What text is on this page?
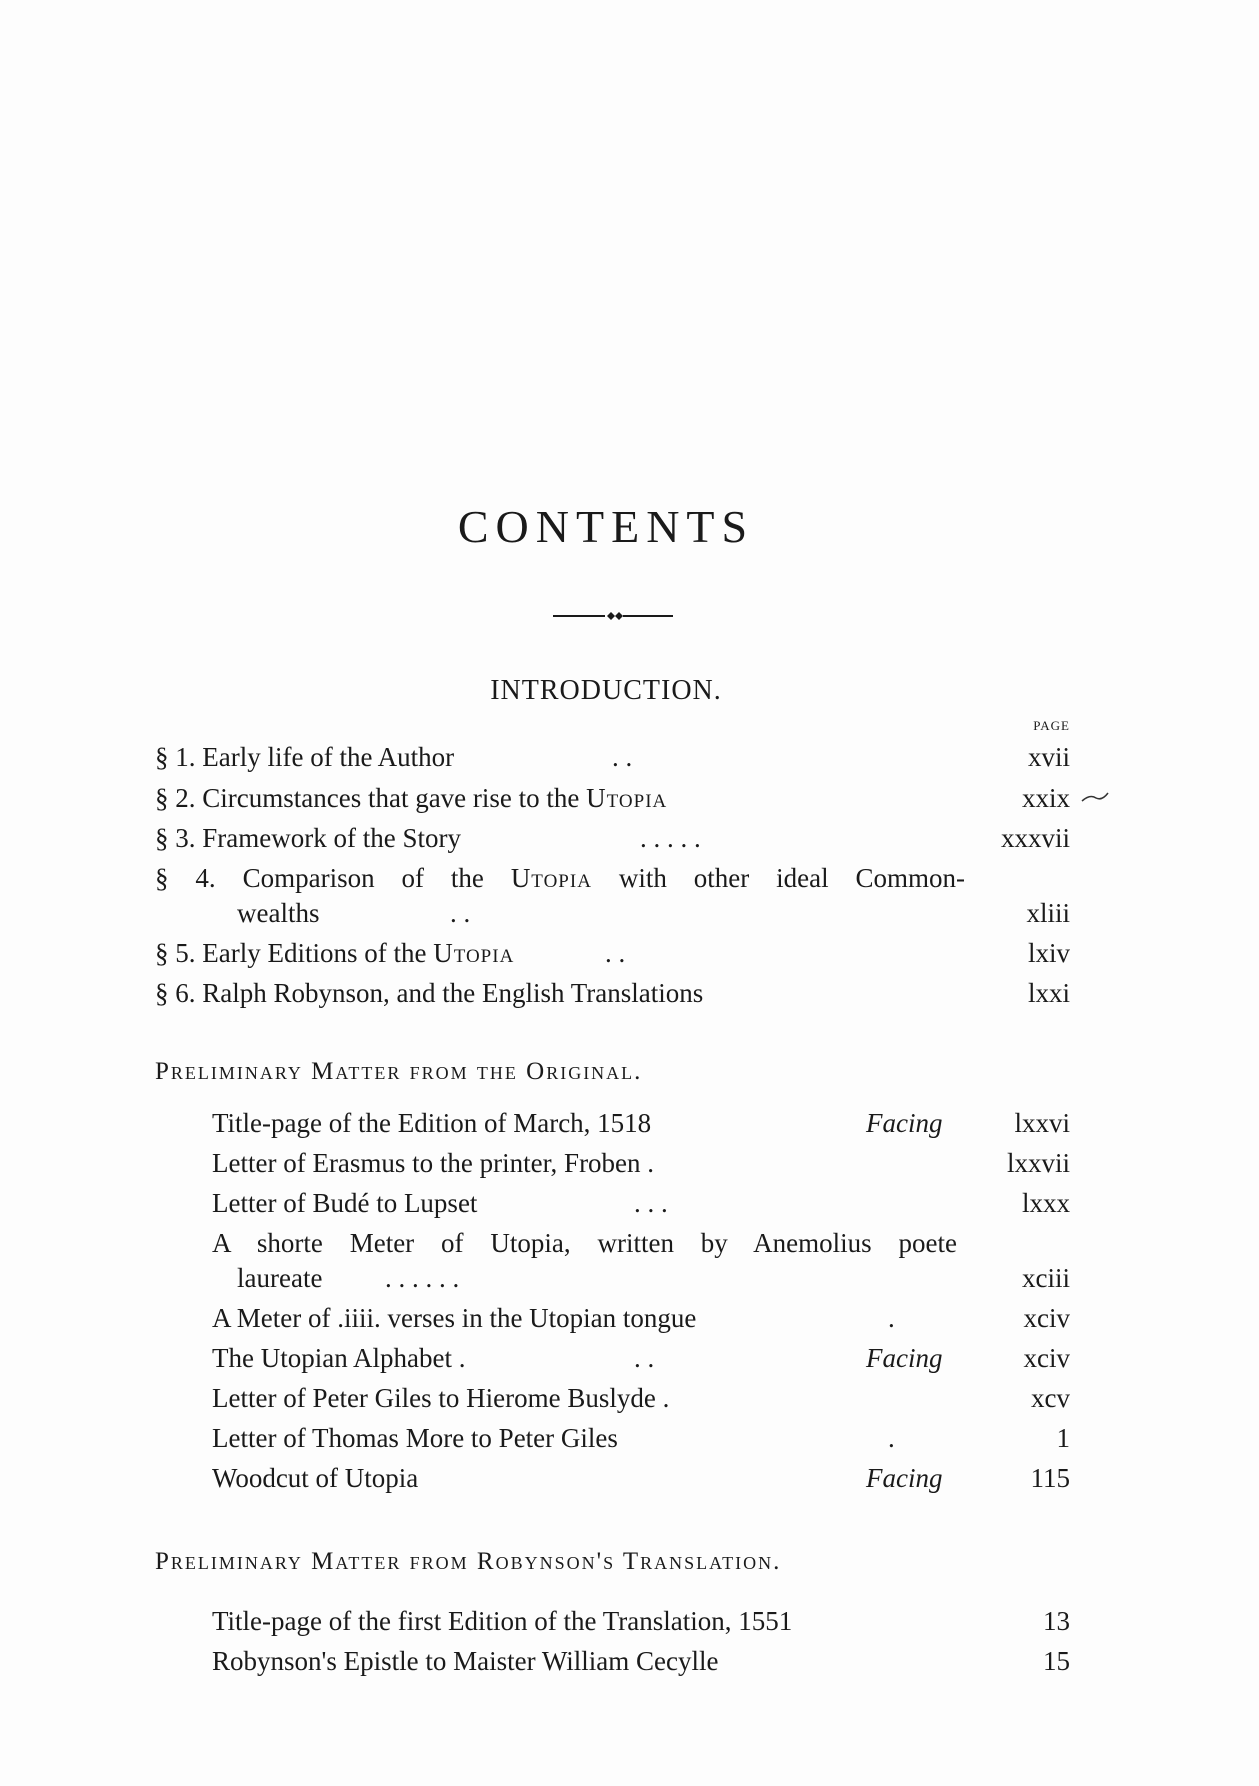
CONTENTS
INTRODUCTION.
PAGE
§ 1. Early life of the Author	. .	xvii
§ 2. Circumstances that gave rise to the Utopia	xxix
§ 3. Framework of the Story	. . . . .	xxxvii
§ 4. Comparison of the Utopia with other ideal Common-
wealths	. .	xliii
§ 5. Early Editions of the Utopia	. .	lxiv
§ 6. Ralph Robynson, and the English Translations	lxxi
Preliminary Matter from the Original.
Title-page of the Edition of March, 1518	Facing	lxxvi
Letter of Erasmus to the printer, Froben .	lxxvii
Letter of Budé to Lupset	. . .	lxxx
A shorte Meter of Utopia, written by Anemolius poete
laureate . . . . . .	xciii
A Meter of .iiii. verses in the Utopian tongue	.	xciv
The Utopian Alphabet .	. .	Facing	xciv
Letter of Peter Giles to Hierome Buslyde .	xcv
Letter of Thomas More to Peter Giles	.	1
Woodcut of Utopia	Facing	115
Preliminary Matter from Robynson's Translation.
Title-page of the first Edition of the Translation, 1551	13
Robynson's Epistle to Maister William Cecylle	15
